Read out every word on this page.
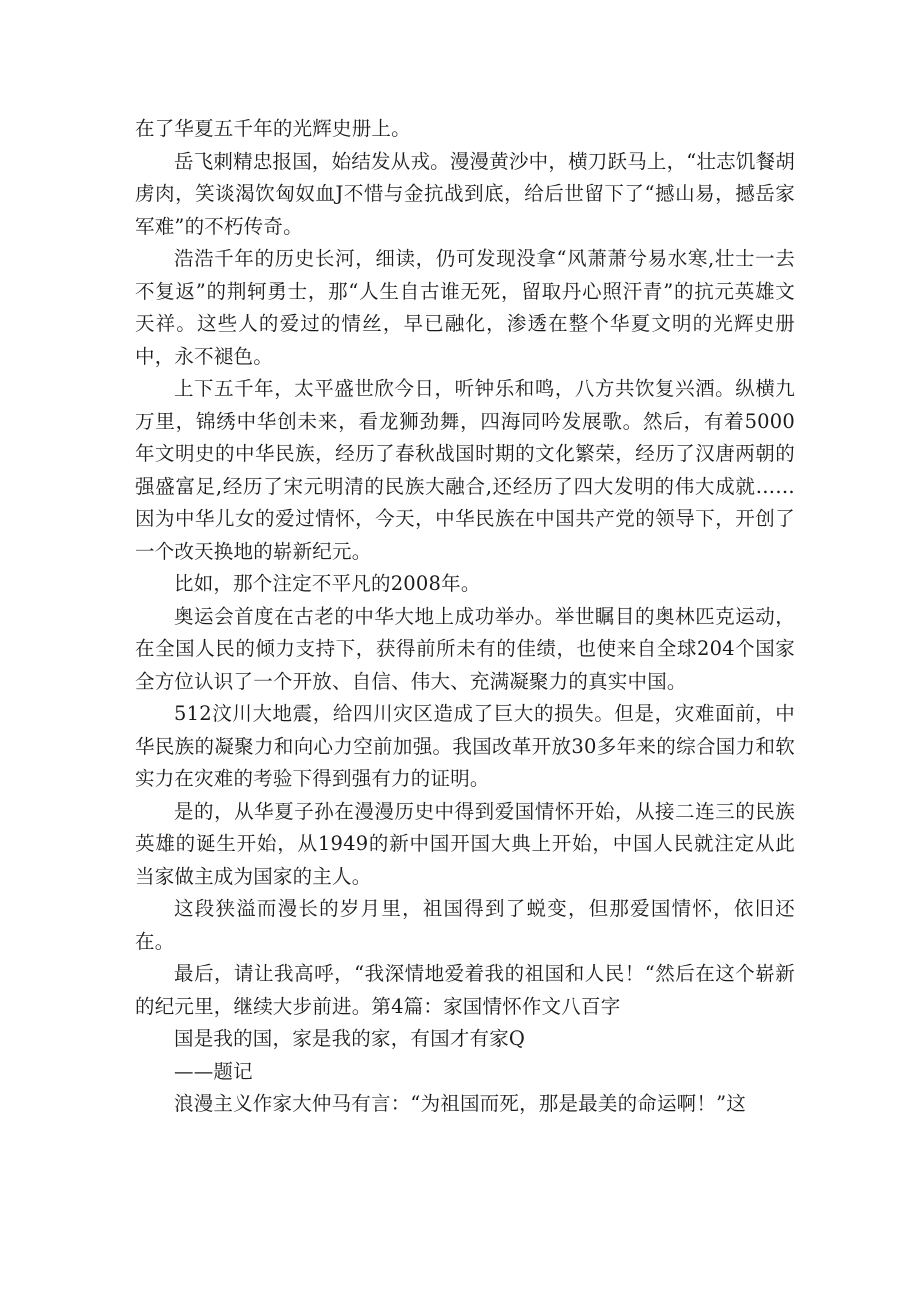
在了华夏五千年的光辉史册上。

岳飞刺精忠报国，始结发从戎。漫漫黄沙中，横刀跃马上，“壮志饥餐胡虏肉，笑谈渴饮匈奴血J不惜与金抗战到底，给后世留下了“撼山易，撼岳家军难”的不朽传奇。

浩浩千年的历史长河，细读，仍可发现没拿“风萧萧兮易水寒,壮士一去不复返”的荆轲勇士，那“人生自古谁无死，留取丹心照汗青”的抗元英雄文天祥。这些人的爱过的情丝，早已融化，渗透在整个华夏文明的光辉史册中，永不褪色。

上下五千年，太平盛世欣今日，听钟乐和鸣，八方共饮复兴酒。纵横九万里，锦绣中华创未来，看龙狮劲舞，四海同吟发展歌。然后，有着5000年文明史的中华民族，经历了春秋战国时期的文化繁荣，经历了汉唐两朝的强盛富足,经历了宋元明清的民族大融合,还经历了四大发明的伟大成就……因为中华儿女的爱过情怀，今天，中华民族在中国共产党的领导下，开创了一个改天换地的崭新纪元。

比如，那个注定不平凡的2008年。

奥运会首度在古老的中华大地上成功举办。举世瞩目的奥林匹克运动，在全国人民的倾力支持下，获得前所未有的佳绩，也使来自全球204个国家全方位认识了一个开放、自信、伟大、充满凝聚力的真实中国。

512汶川大地震，给四川灾区造成了巨大的损失。但是，灾难面前，中华民族的凝聚力和向心力空前加强。我国改革开放30多年来的综合国力和软实力在灾难的考验下得到强有力的证明。

是的，从华夏子孙在漫漫历史中得到爱国情怀开始，从接二连三的民族英雄的诞生开始，从1949的新中国开国大典上开始，中国人民就注定从此当家做主成为国家的主人。

这段狭溢而漫长的岁月里，祖国得到了蜕变，但那爱国情怀，依旧还在。

最后，请让我高呼，“我深情地爱着我的祖国和人民！“然后在这个崭新的纪元里，继续大步前进。第4篇：家国情怀作文八百字

国是我的国，家是我的家，有国才有家Q

——题记

浪漫主义作家大仲马有言：“为祖国而死，那是最美的命运啊！”这
